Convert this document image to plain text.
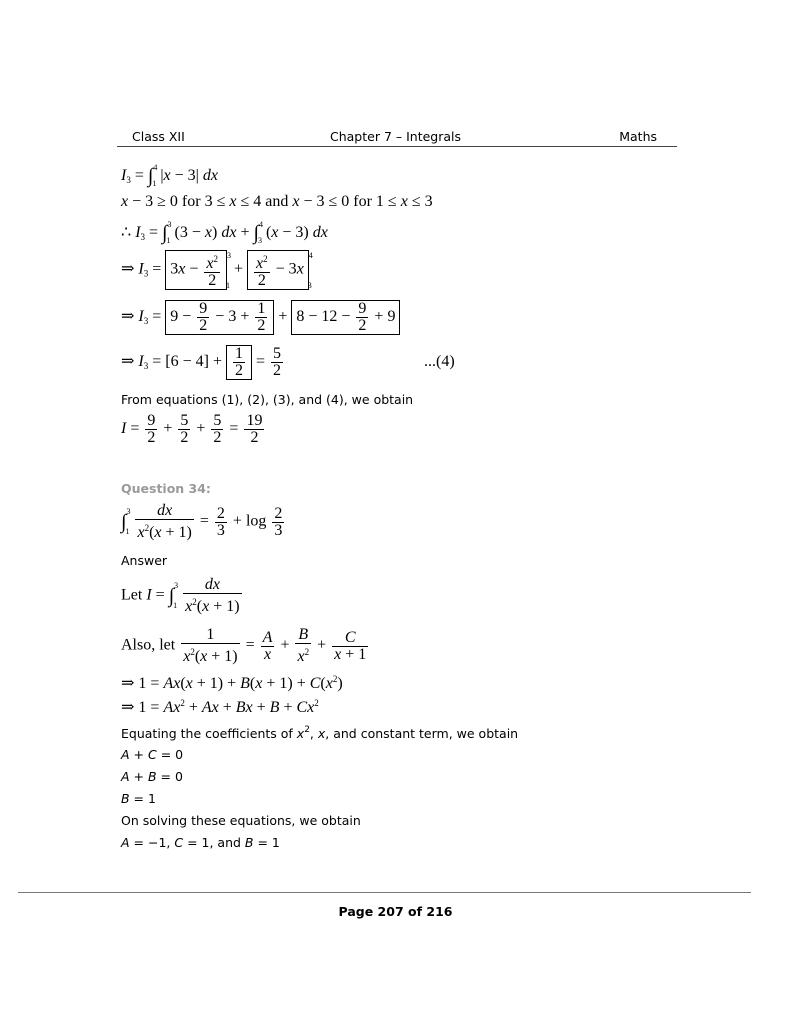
Class XII	Chapter 7 – Integrals	Maths
$I_3 = \int^4_1$ |x − 3| dx
x − 3 ≥ 0 for 3 ≤ x ≤ 4 and x − 3 ≤ 0 for 1 ≤ x ≤ 3
∴ $I_3 = \int^3_1$ (3 − x) dx + ∫$^4_3$ (x − 3) dx
⇒ $I_3 = 3x - \frac{x^2}{2} ^3_1 + \frac{x^2}{2} - 3x^4_3$
⇒ $I_3 = 9 - \frac{9}{2} - 3 + \frac{1}{2} + 8 - 12 - \frac{9}{2} + 9$
⇒ $I_3 = [6 - 4] + \frac{1}{2} = \frac{5}{2}$	...(4)
From equations (1), (2), (3), and (4), we obtain
$I = \frac{9}{2} + \frac{5}{2} + \frac{5}{2} = \frac{19}{2}$
Question 34:
$\int^3_1 \frac{dx}{x^2(x + 1)} = \frac{2}{3} + \log \frac{2}{3}$
Answer
Let $I = \int^3_1 \frac{dx}{x^2(x + 1)}$
Also, let $\frac{1}{x^2(x + 1)} = \frac{A}{x} + \frac{B}{x^2} + \frac{C}{x + 1}$
⇒ $1 = Ax(x + 1) + B(x + 1) + C(x^2)$
⇒ $1 = Ax^2 + Ax + Bx + B + Cx^2$
Equating the coefficients of $x^2$, x, and constant term, we obtain
A + C = 0
A + B = 0
B = 1
On solving these equations, we obtain
A = −1, C = 1, and B = 1
Page 207 of 216
